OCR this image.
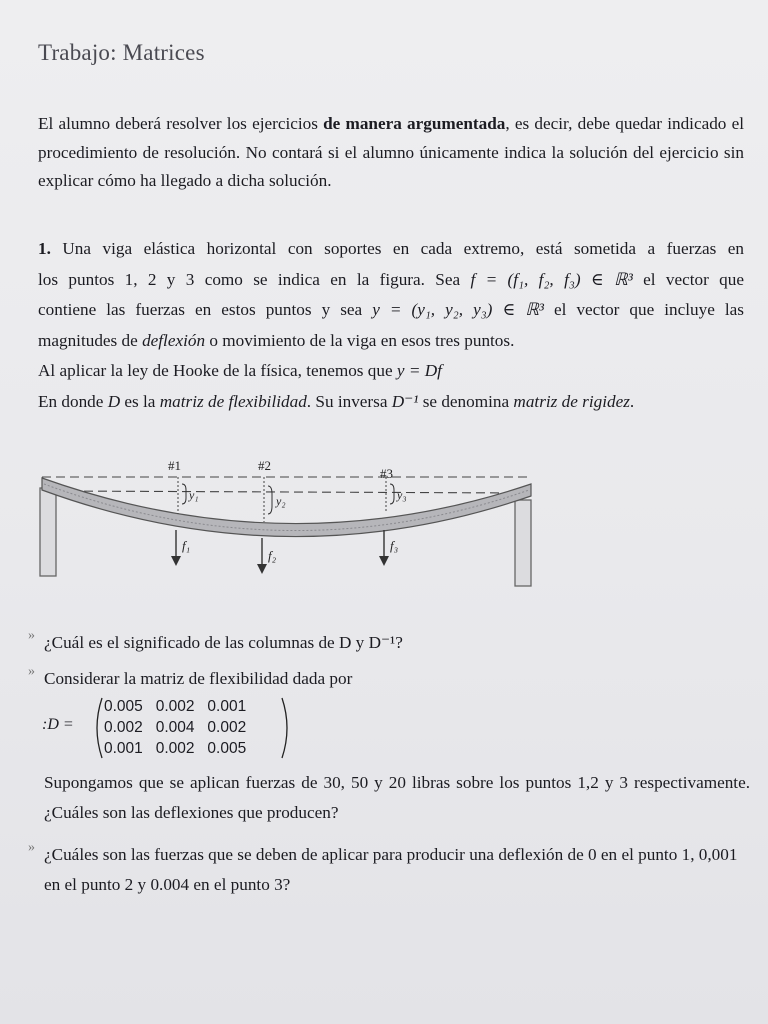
Trabajo: Matrices
El alumno deberá resolver los ejercicios de manera argumentada, es decir, debe quedar indicado el procedimiento de resolución. No contará si el alumno únicamente indica la solución del ejercicio sin explicar cómo ha llegado a dicha solución.
1. Una viga elástica horizontal con soportes en cada extremo, está sometida a fuerzas en
los puntos 1, 2 y 3 como se indica en la figura. Sea f = (f₁, f₂, f₃) ∈ ℝ³ el vector que
contiene las fuerzas en estos puntos y sea y = (y₁, y₂, y₃) ∈ ℝ³ el vector que incluye las
magnitudes de deflexión o movimiento de la viga en esos tres puntos.
Al aplicar la ley de Hooke de la física, tenemos que y = Df
En donde D es la matriz de flexibilidad. Su inversa D⁻¹ se denomina matriz de rigidez.
#1	#2
#3
y₁	y₂	y₃
f₁
f₂
f₃
» ¿Cuál es el significado de las columnas de D y D⁻¹?
» Considerar la matriz de flexibilidad dada por
:D =
0.005   0.002   0.001
0.002   0.004   0.002
0.001   0.002   0.005
Supongamos que se aplican fuerzas de 30, 50 y 20 libras sobre los puntos 1,2 y 3 respectivamente. ¿Cuáles son las deflexiones que producen?
» ¿Cuáles son las fuerzas que se deben de aplicar para producir una deflexión de 0 en el punto 1, 0,001 en el punto 2 y 0.004 en el punto 3?
